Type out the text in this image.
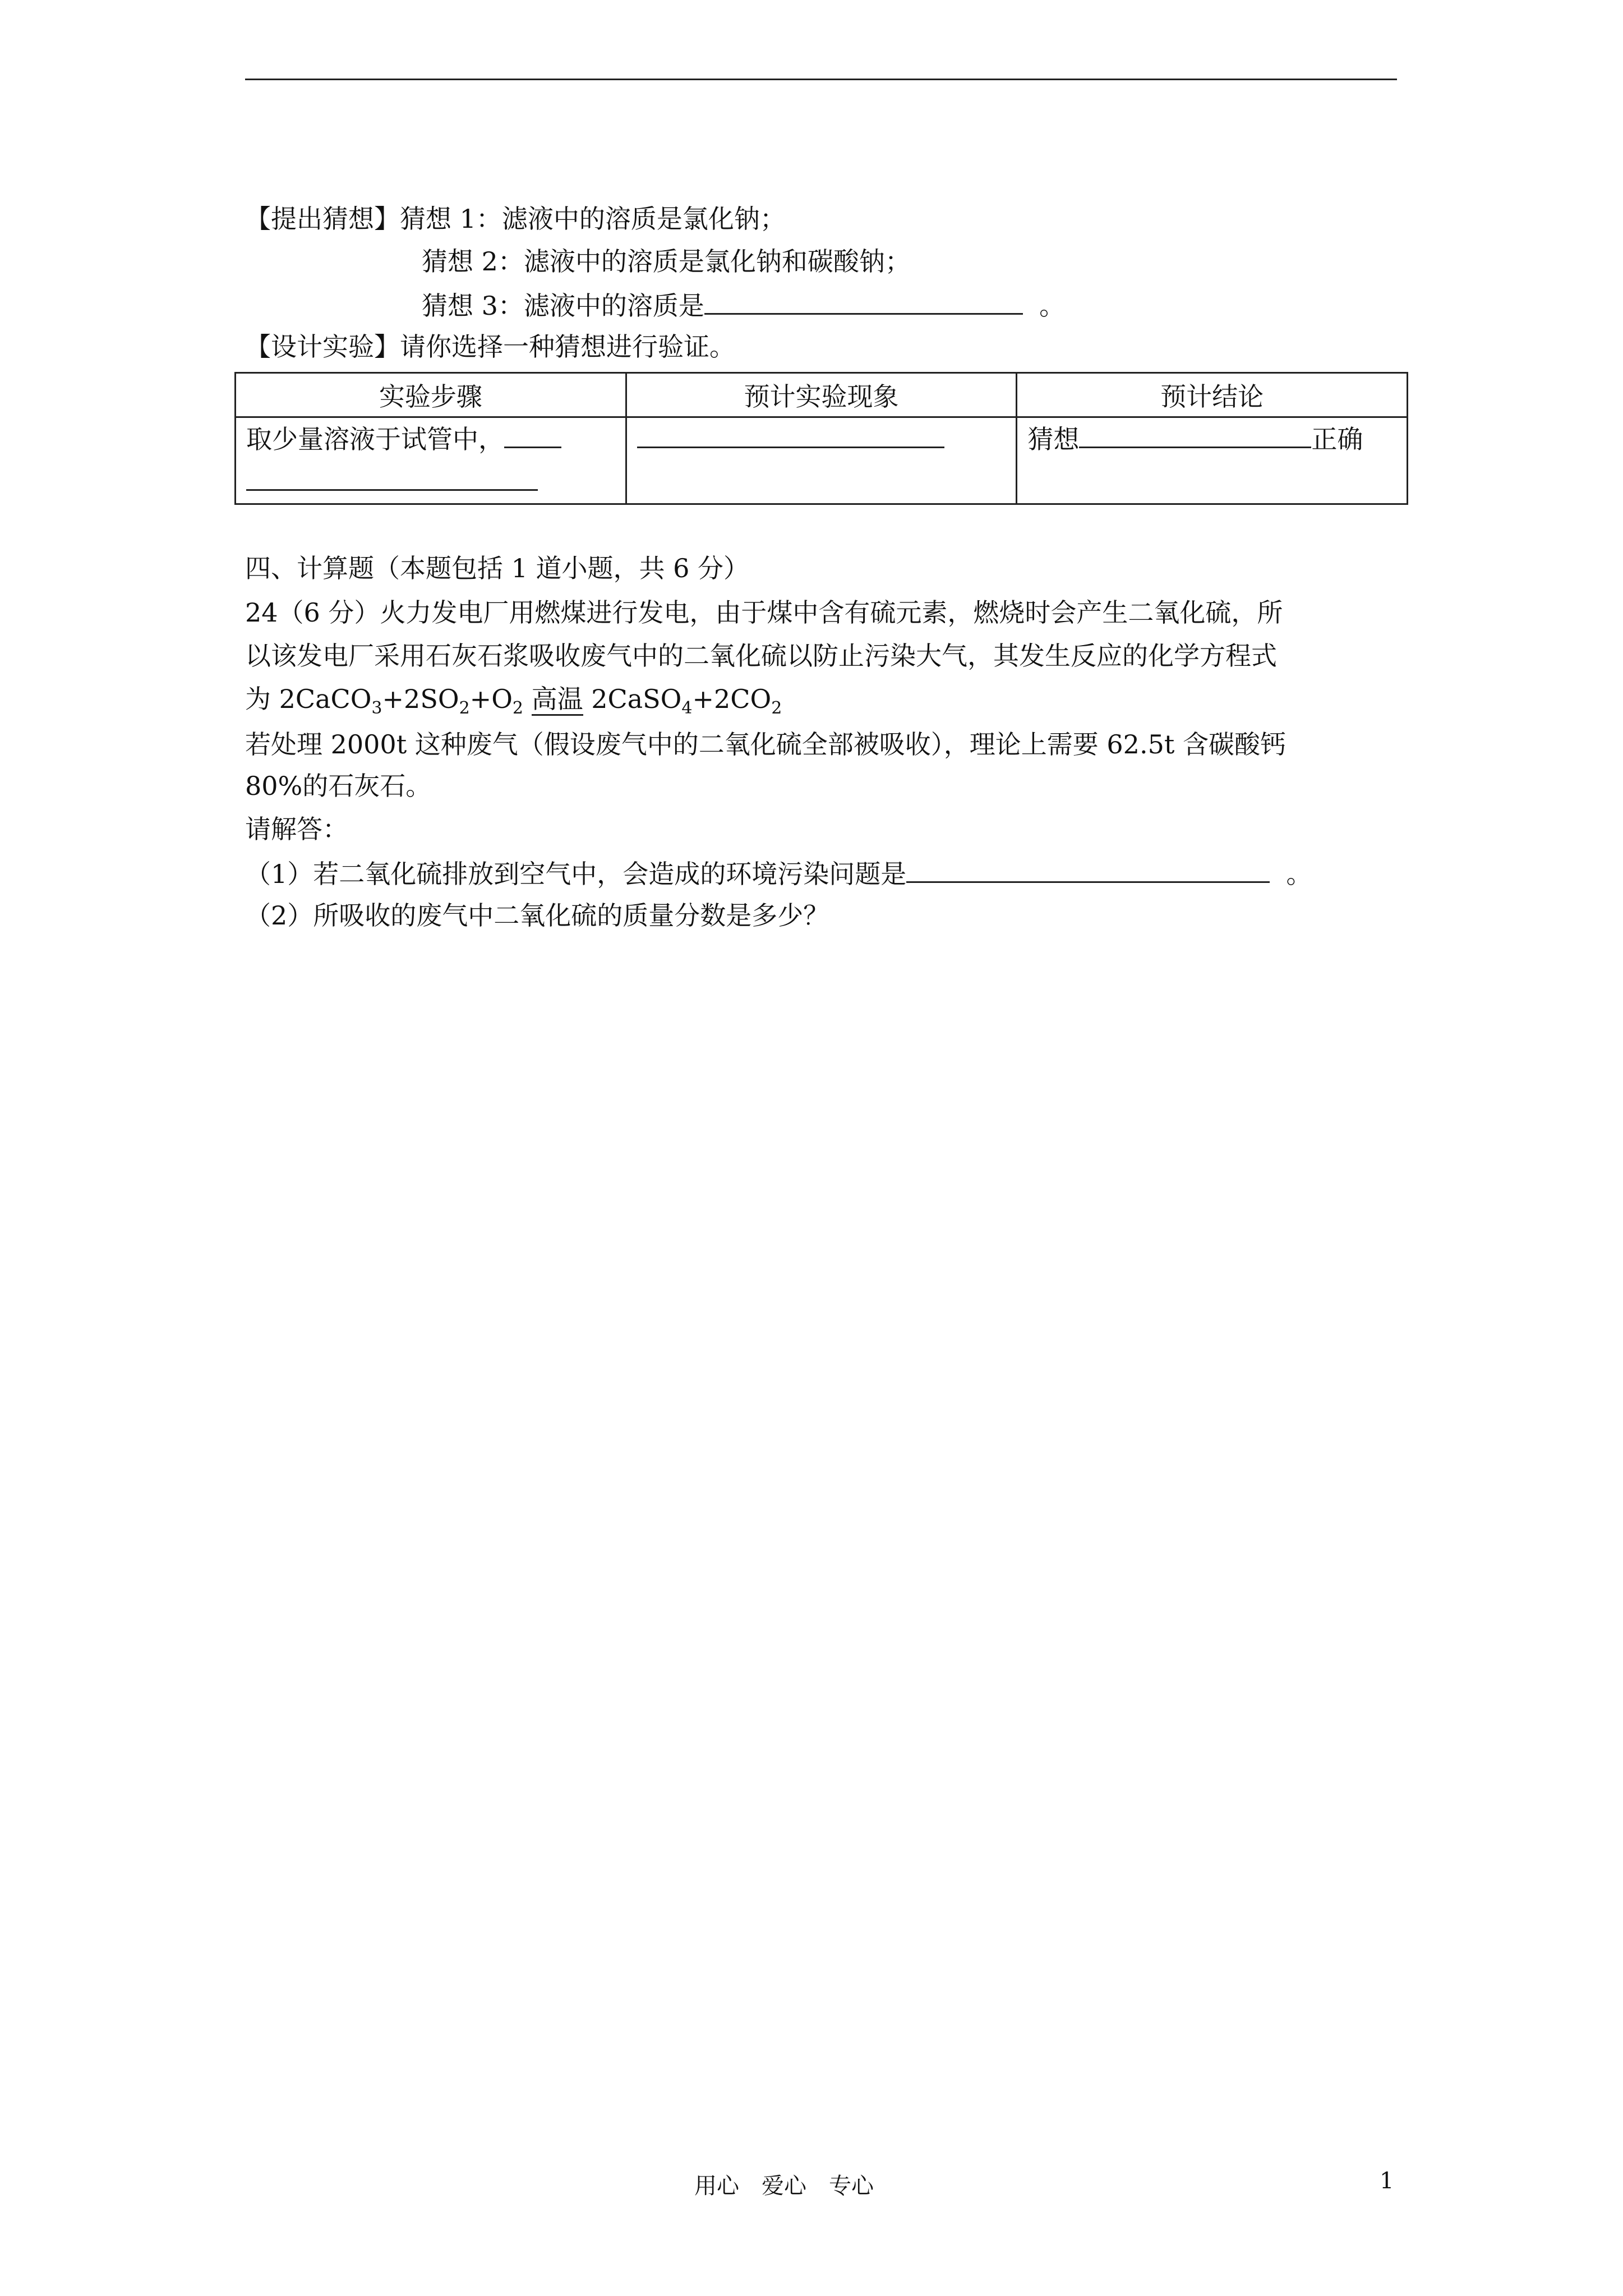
【提出猜想】猜想 1：滤液中的溶质是氯化钠；
猜想 2：滤液中的溶质是氯化钠和碳酸钠；
猜想 3：滤液中的溶质是	。
【设计实验】请你选择一种猜想进行验证。
实验步骤	预计实验现象	预计结论
取少量溶液于试管中，		猜想 正确
四、计算题（本题包括 1 道小题，共 6 分）
24（6 分）火力发电厂用燃煤进行发电，由于煤中含有硫元素，燃烧时会产生二氧化硫，所
以该发电厂采用石灰石浆吸收废气中的二氧化硫以防止污染大气，其发生反应的化学方程式
为 $2CaCO_3+2SO_2+O_2$ 高温 $2CaSO_4+2CO_2$
若处理 2000t 这种废气（假设废气中的二氧化硫全部被吸收），理论上需要 62.5t 含碳酸钙
80%的石灰石。
请解答：
（1）若二氧化硫排放到空气中，会造成的环境污染问题是	。
（2）所吸收的废气中二氧化硫的质量分数是多少？
用心　爱心　专心	1
